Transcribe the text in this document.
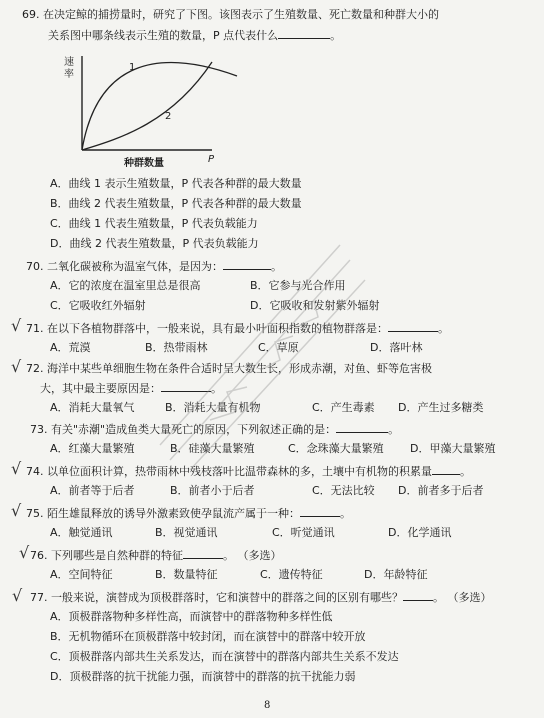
69. 在决定鲸的捕捞量时，研究了下图。该图表示了生殖数量、死亡数量和种群大小的
关系图中哪条线表示生殖的数量，P 点代表什么	。
速
率
1
2
P
种群数量
A．曲线 1 表示生殖数量，P 代表各种群的最大数量
B．曲线 2 代表生殖数量，P 代表各种群的最大数量
C．曲线 1 代表生殖数量，P 代表负载能力
D．曲线 2 代表生殖数量，P 代表负载能力
70. 二氧化碳被称为温室气体，是因为：	。
A．它的浓度在温室里总是很高	B．它参与光合作用
C．它吸收红外辐射	D．它吸收和发射紫外辐射
√ 71. 在以下各植物群落中，一般来说，具有最小叶面积指数的植物群落是：	。
A．荒漠	B．热带雨林	C．草原	D．落叶林
√ 72. 海洋中某些单细胞生物在条件合适时呈大数生长，形成赤潮，对鱼、虾等危害极
大，其中最主要原因是：	。
A．消耗大量氧气	B．消耗大量有机物	C．产生毒素 D．产生过多糖类
73. 有关"赤潮"造成鱼类大量死亡的原因，下列叙述正确的是：	。
A．红藻大量繁殖	B．硅藻大量繁殖	C．念珠藻大量繁殖 D．甲藻大量繁殖
√ 74. 以单位面积计算，热带雨林中残枝落叶比温带森林的多，土壤中有机物的积累量	。
A．前者等于后者	B．前者小于后者	C．无法比较 D．前者多于后者
√ 75. 陌生雄鼠释放的诱导外激素致使孕鼠流产属于一种：	。
A．触觉通讯	B．视觉通讯	C．听觉通讯	D．化学通讯
√ 76. 下列哪些是自然种群的特征	。 （多选）
A．空间特征	B．数量特征	C．遗传特征	D．年龄特征
√ 77. 一般来说，演替成为顶极群落时，它和演替中的群落之间的区别有哪些？	。 （多选）
A．顶极群落物种多样性高，而演替中的群落物种多样性低
B．无机物循环在顶极群落中较封闭，而在演替中的群落中较开放
C．顶极群落内部共生关系发达，而在演替中的群落内部共生关系不发达
D．顶极群落的抗干扰能力强，而演替中的群落的抗干扰能力弱
8
